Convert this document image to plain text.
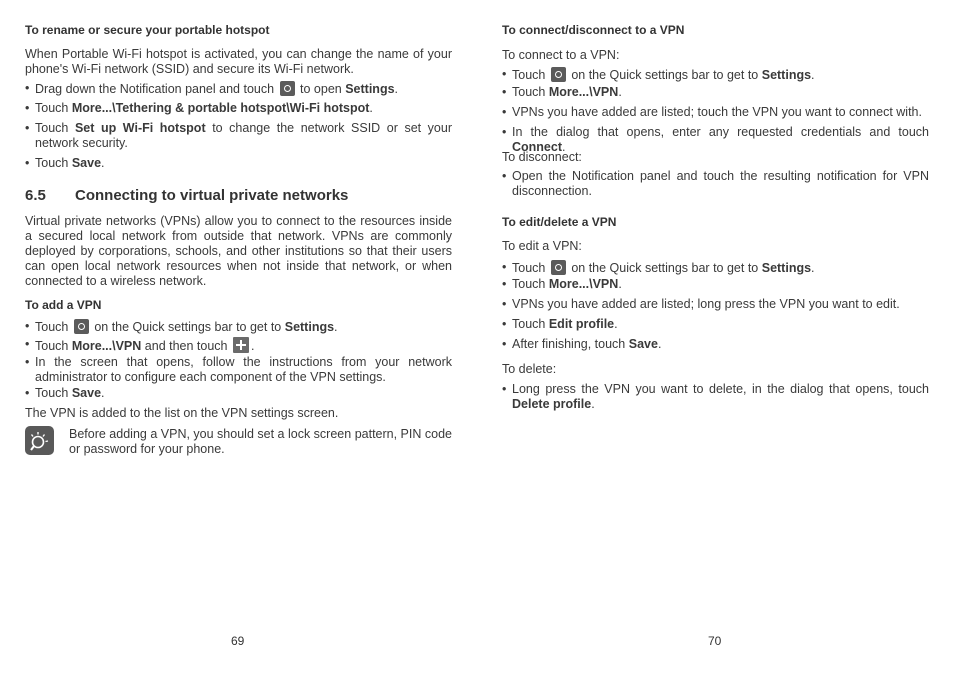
To rename or secure your portable hotspot
When Portable Wi-Fi hotspot is activated, you can change the name of your phone's Wi-Fi network (SSID) and secure its Wi-Fi network.
• Drag down the Notification panel and touch to open Settings.
• Touch More...\Tethering & portable hotspot\Wi-Fi hotspot.
• Touch Set up Wi-Fi hotspot to change the network SSID or set your network security.
• Touch Save.
6.5 Connecting to virtual private networks
Virtual private networks (VPNs) allow you to connect to the resources inside a secured local network from outside that network. VPNs are commonly deployed by corporations, schools, and other institutions so that their users can open local network resources when not inside that network, or when connected to a wireless network.
To add a VPN
• Touch on the Quick settings bar to get to Settings.
• Touch More...\VPN and then touch .
• In the screen that opens, follow the instructions from your network administrator to configure each component of the VPN settings.
• Touch Save.
The VPN is added to the list on the VPN settings screen.
Before adding a VPN, you should set a lock screen pattern, PIN code or password for your phone.
69
To connect/disconnect to a VPN
To connect to a VPN:
• Touch on the Quick settings bar to get to Settings.
• Touch More...\VPN.
• VPNs you have added are listed; touch the VPN you want to connect with.
• In the dialog that opens, enter any requested credentials and touch Connect.
To disconnect:
• Open the Notification panel and touch the resulting notification for VPN disconnection.
To edit/delete a VPN
To edit a VPN:
• Touch on the Quick settings bar to get to Settings.
• Touch More...\VPN.
• VPNs you have added are listed; long press the VPN you want to edit.
• Touch Edit profile.
• After finishing, touch Save.
To delete:
• Long press the VPN you want to delete, in the dialog that opens, touch Delete profile.
70
